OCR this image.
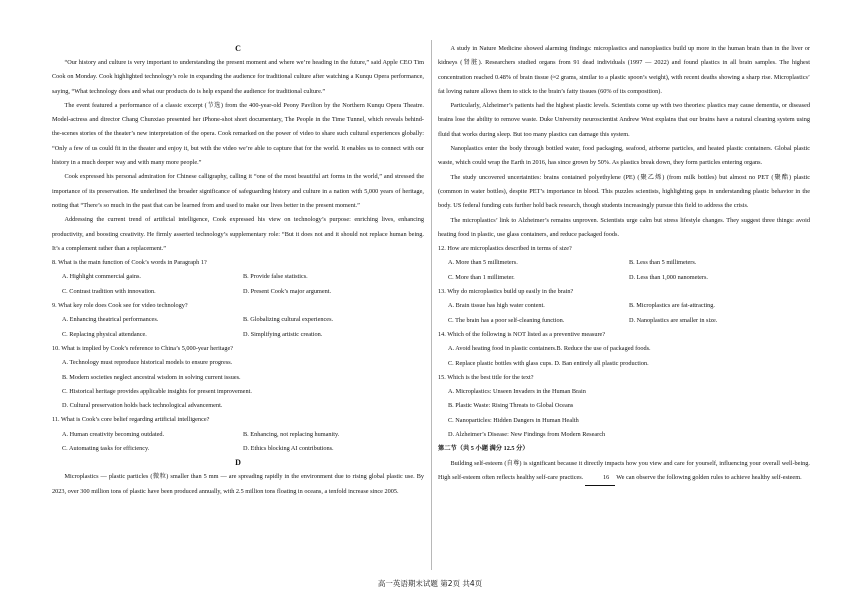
C

“Our history and culture is very important to understanding the present moment and where we’re heading in the future,” said Apple CEO Tim Cook on Monday. Cook highlighted technology’s role in expanding the audience for traditional culture after watching a Kunqu Opera performance, saying, “What technology does and what our products do is help expand the audience for traditional culture.”

The event featured a performance of a classic excerpt (节选) from the 400-year-old Peony Pavilion by the Northern Kunqu Opera Theatre. Model-actress and director Chang Chunxiao presented her iPhone-shot short documentary, The People in the Time Tunnel, which reveals behind-the-scenes stories of the theater’s new interpretation of the opera. Cook remarked on the power of video to share such cultural experiences globally: “Only a few of us could fit in the theater and enjoy it, but with the video we’re able to capture that for the world. It enables us to connect with our history in a much deeper way and with many more people.”

Cook expressed his personal admiration for Chinese calligraphy, calling it “one of the most beautiful art forms in the world,” and stressed the importance of its preservation. He underlined the broader significance of safeguarding history and culture in a nation with 5,000 years of heritage, noting that “There’s so much in the past that can be learned from and used to make our lives better in the present moment.”

Addressing the current trend of artificial intelligence, Cook expressed his view on technology’s purpose: enriching lives, enhancing productivity, and boosting creativity. He firmly asserted technology’s supplementary role: “But it does not and it should not replace human being. It’s a complement rather than a replacement.”

8. What is the main function of Cook’s words in Paragraph 1?
A. Highlight commercial gains.	B. Provide false statistics.
C. Contrast tradition with innovation.	D. Present Cook’s major argument.
9. What key role does Cook see for video technology?
A. Enhancing theatrical performances.	B. Globalizing cultural experiences.
C. Replacing physical attendance.	D. Simplifying artistic creation.
10. What is implied by Cook’s reference to China’s 5,000-year heritage?
A. Technology must reproduce historical models to ensure progress.
B. Modern societies neglect ancestral wisdom in solving current issues.
C. Historical heritage provides applicable insights for present improvement.
D. Cultural preservation holds back technological advancement.
11. What is Cook’s core belief regarding artificial intelligence?
A. Human creativity becoming outdated.	B. Enhancing, not replacing humanity.
C. Automating tasks for efficiency.	D. Ethics blocking AI contributions.
D

Microplastics — plastic particles (微粒) smaller than 5 mm — are spreading rapidly in the environment due to rising global plastic use. By 2023, over 300 million tons of plastic have been produced annually, with 2.5 million tons floating in oceans, a tenfold increase since 2005.

A study in Nature Medicine showed alarming findings: microplastics and nanoplastics build up more in the human brain than in the liver or kidneys (肾脏). Researchers studied organs from 91 dead individuals (1997 — 2022) and found plastics in all brain samples. The highest concentration reached 0.48% of brain tissue (≈2 grams, similar to a plastic spoon’s weight), with recent deaths showing a sharp rise. Microplastics’ fat loving nature allows them to stick to the brain’s fatty tissues (60% of its composition).

Particularly, Alzheimer’s patients had the highest plastic levels. Scientists come up with two theories: plastics may cause dementia, or diseased brains lose the ability to remove waste. Duke University neuroscientist Andrew West explains that our brains have a natural cleaning system using fluid that works during sleep. But too many plastics can damage this system.

Nanoplastics enter the body through bottled water, food packaging, seafood, airborne particles, and heated plastic containers. Global plastic waste, which could wrap the Earth in 2016, has since grown by 50%. As plastics break down, they form particles entering organs.

The study uncovered uncertainties: brains contained polyethylene (PE) (聚乙烯) (from milk bottles) but almost no PET (聚酯) plastic (common in water bottles), despite PET’s importance in blood. This puzzles scientists, highlighting gaps in understanding plastic behavior in the body. US federal funding cuts further hold back research, though students increasingly pursue this field to address the crisis.

The microplastics’ link to Alzheimer’s remains unproven. Scientists urge calm but stress lifestyle changes. They suggest three things: avoid heating food in plastic, use glass containers, and reduce packaged foods.

12. How are microplastics described in terms of size?
A. More than 5 millimeters.	B. Less than 5 millimeters.
C. More than 1 millimeter.	D. Less than 1,000 nanometers.
13. Why do microplastics build up easily in the brain?
A. Brain tissue has high water content.	B. Microplastics are fat-attracting.
C. The brain has a poor self-cleaning function.	D. Nanoplastics are smaller in size.
14. Which of the following is NOT listed as a preventive measure?
A. Avoid heating food in plastic containers.B. Reduce the use of packaged foods.
C. Replace plastic bottles with glass cups. D. Ban entirely all plastic production.
15. Which is the best title for the text?
A. Microplastics: Unseen Invaders in the Human Brain
B. Plastic Waste: Rising Threats to Global Oceans
C. Nanoparticles: Hidden Dangers in Human Health
D. Alzheimer’s Disease: New Findings from Modern Research
第二节（共 5 小题 满分 12.5 分）

Building self-esteem (自尊) is significant because it directly impacts how you view and care for yourself, influencing your overall well-being. High self-esteem often reflects healthy self-care practices.	16 We can observe the following golden rules to achieve healthy self-esteem.

高一英语期末试题 第2页 共4页
